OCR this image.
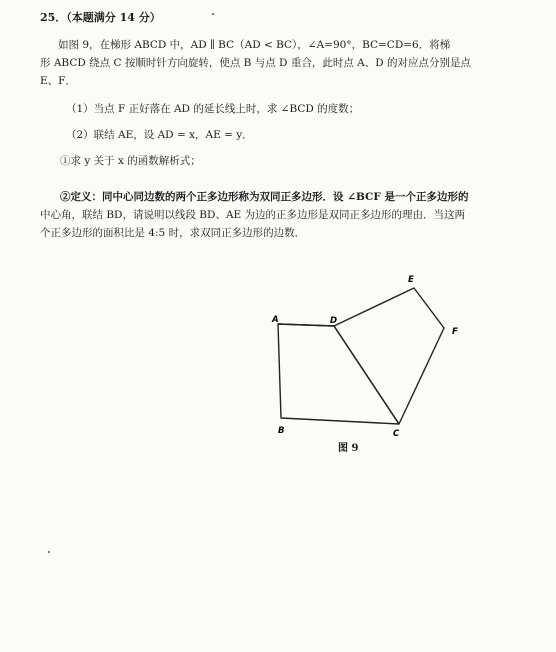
25．（本题满分 14 分）
如图 9，在梯形 ABCD 中，AD ∥ BC（AD < BC），∠A=90°，BC=CD=6．将梯
形 ABCD 绕点 C 按顺时针方向旋转，使点 B 与点 D 重合，此时点 A、D 的对应点分别是点
E、F．
（1）当点 F 正好落在 AD 的延长线上时，求 ∠BCD 的度数；
（2）联结 AE，设 AD = x，AE = y．
①求 y 关于 x 的函数解析式；
②定义：同中心同边数的两个正多边形称为双同正多边形．设 ∠BCF 是一个正多边形的
中心角，联结 BD，请说明以线段 BD、AE 为边的正多边形是双同正多边形的理由．当这两
个正多边形的面积比是 4:5 时，求双同正多边形的边数．
A	D
E
F
B	C
图 9
